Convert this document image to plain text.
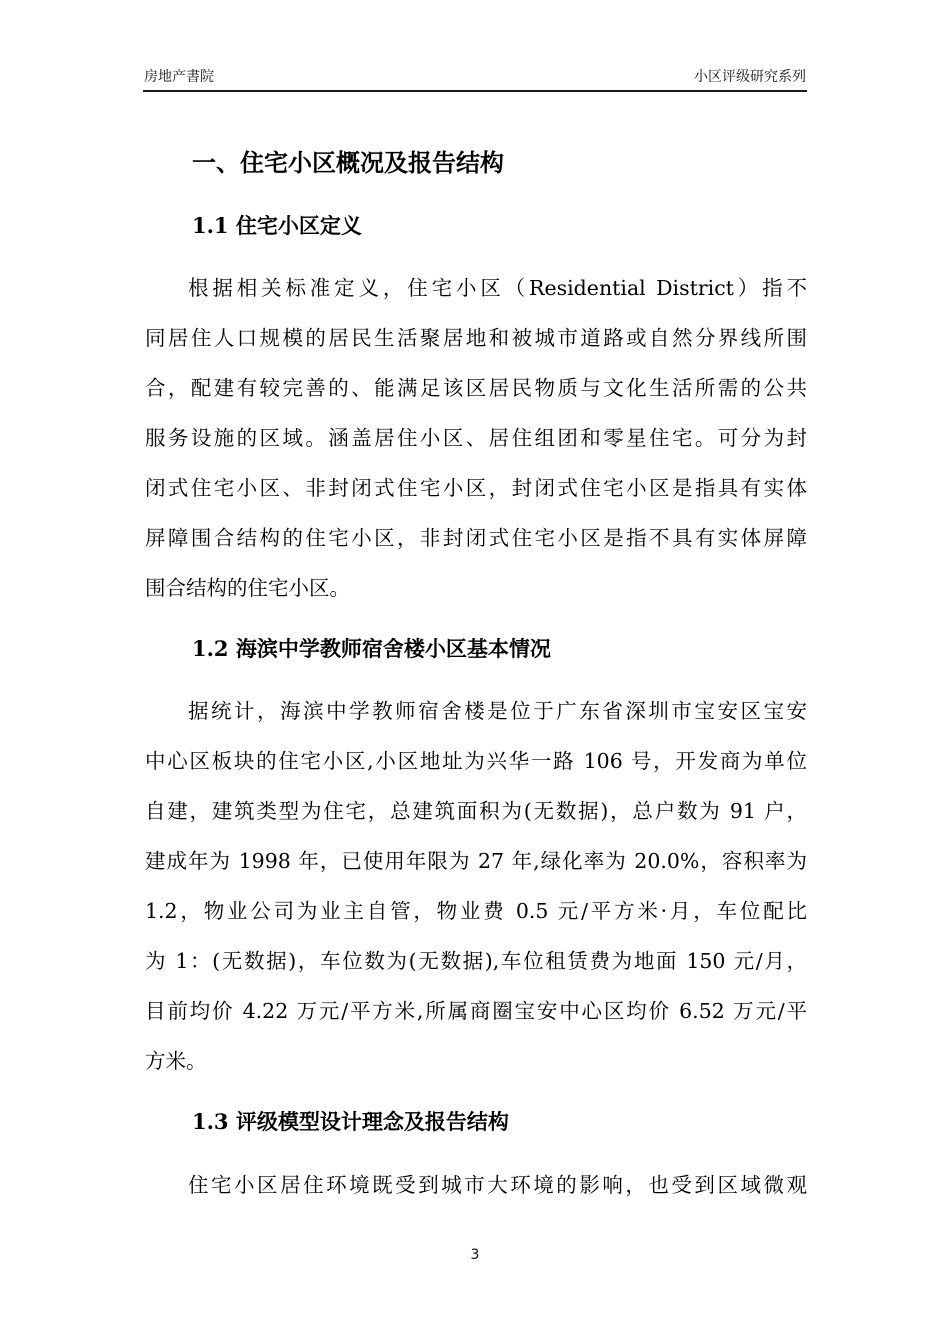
房地产書院	小区评级研究系列
一、住宅小区概况及报告结构
1.1 住宅小区定义
根据相关标准定义，住宅小区（Residential District）指不
同居住人口规模的居民生活聚居地和被城市道路或自然分界线所围
合，配建有较完善的、能满足该区居民物质与文化生活所需的公共
服务设施的区域。涵盖居住小区、居住组团和零星住宅。可分为封
闭式住宅小区、非封闭式住宅小区，封闭式住宅小区是指具有实体
屏障围合结构的住宅小区，非封闭式住宅小区是指不具有实体屏障
围合结构的住宅小区。
1.2 海滨中学教师宿舍楼小区基本情况
据统计，海滨中学教师宿舍楼是位于广东省深圳市宝安区宝安
中心区板块的住宅小区,小区地址为兴华一路 106 号，开发商为单位
自建，建筑类型为住宅，总建筑面积为(无数据)，总户数为 91 户，
建成年为 1998 年，已使用年限为 27 年,绿化率为 20.0%，容积率为
1.2，物业公司为业主自管，物业费 0.5 元/平方米·月，车位配比
为 1：(无数据)，车位数为(无数据),车位租赁费为地面 150 元/月，
目前均价 4.22 万元/平方米,所属商圈宝安中心区均价 6.52 万元/平
方米。
1.3 评级模型设计理念及报告结构
住宅小区居住环境既受到城市大环境的影响，也受到区域微观
3
